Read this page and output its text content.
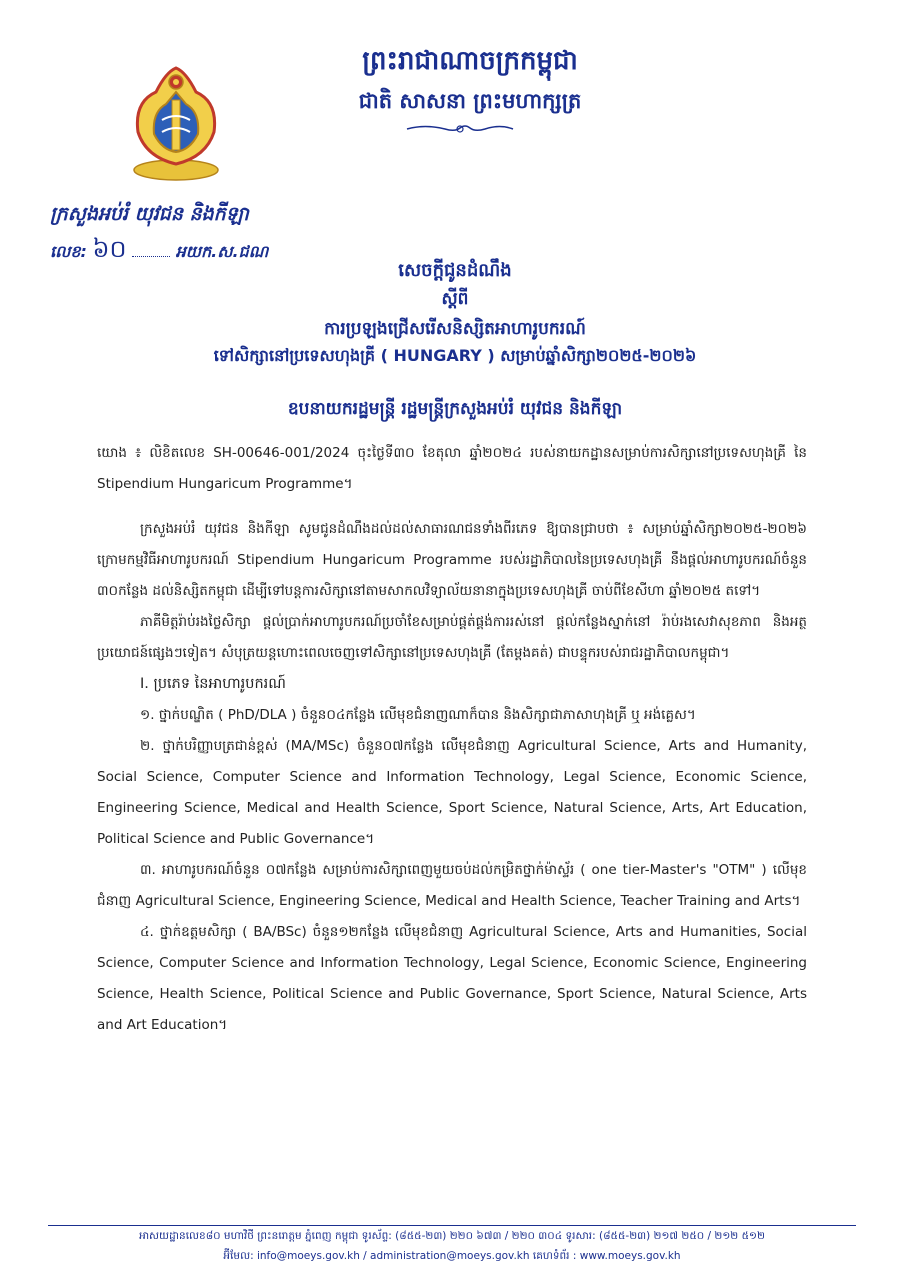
ព្រះរាជាណាចក្រកម្ពុជា
ជាតិ សាសនា ព្រះមហាក្សត្រ
ក្រសួងអប់រំ យុវជន និងកីឡា
លេខ: ៦០	អយក.ស.ជណ
សេចក្តីជូនដំណឹង
ស្តីពី
ការប្រឡងជ្រើសរើសនិស្សិតអាហារូបករណ៍
ទៅសិក្សានៅប្រទេសហុងគ្រី ( HUNGARY ) សម្រាប់ឆ្នាំសិក្សា២០២៥-២០២៦
ឧបនាយករដ្ឋមន្ត្រី រដ្ឋមន្ត្រីក្រសួងអប់រំ យុវជន និងកីឡា
យោង ៖ លិខិតលេខ SH-00646-001/2024 ចុះថ្ងៃទី៣០ ខែតុលា ឆ្នាំ២០២៤ របស់នាយកដ្ឋានសម្រាប់ការសិក្សានៅប្រទេសហុងគ្រី នៃ Stipendium Hungaricum Programme។
ក្រសួងអប់រំ យុវជន និងកីឡា សូមជូនដំណឹងដល់ដល់សាធារណជនទាំងពីរភេទ ឱ្យបានជ្រាបថា ៖ សម្រាប់ឆ្នាំសិក្សា២០២៥-២០២៦ ក្រោមកម្មវិធីអាហារូបករណ៍ Stipendium Hungaricum Programme របស់រដ្ឋាភិបាលនៃប្រទេសហុងគ្រី នឹងផ្តល់អាហារូបករណ៍ចំនួន ៣០កន្លែង ដល់និស្សិតកម្ពុជា ដើម្បីទៅបន្តការសិក្សានៅតាមសាកលវិទ្យាល័យនានាក្នុងប្រទេសហុងគ្រី ចាប់ពីខែសីហា ឆ្នាំ២០២៥ តទៅ។
ភាគីមិត្តរ៉ាប់រងថ្លៃសិក្សា ផ្តល់ប្រាក់អាហារូបករណ៍ប្រចាំខែសម្រាប់ផ្គត់ផ្គង់ការរស់នៅ ផ្តល់កន្លែងស្នាក់នៅ រ៉ាប់រងសេវាសុខភាព និងអត្ថប្រយោជន៍ផ្សេងៗទៀត។ សំបុត្រយន្តហោះពេលចេញទៅសិក្សានៅប្រទេសហុងគ្រី (តែម្តងគត់) ជាបន្ទុករបស់រាជរដ្ឋាភិបាលកម្ពុជា។
I. ប្រភេទ នៃអាហារូបករណ៍
១. ថ្នាក់បណ្ឌិត ( PhD/DLA ) ចំនួន០៤កន្លែង លើមុខជំនាញណាក៏បាន និងសិក្សាជាភាសាហុងគ្រី ឬ អង់គ្លេស។
២. ថ្នាក់បរិញ្ញាបត្រជាន់ខ្ពស់ (MA/MSc) ចំនួន០៧កន្លែង លើមុខជំនាញ Agricultural Science, Arts and Humanity, Social Science, Computer Science and Information Technology, Legal Science, Economic Science, Engineering Science, Medical and Health Science, Sport Science, Natural Science, Arts, Art Education, Political Science and Public Governance។
៣. អាហារូបករណ៍ចំនួន ០៧កន្លែង សម្រាប់ការសិក្សាពេញមួយចប់ដល់កម្រិតថ្នាក់ម៉ាស្ទ័រ ( one tier-Master's "OTM" ) លើមុខជំនាញ Agricultural Science, Engineering Science, Medical and Health Science, Teacher Training and Arts។
៤. ថ្នាក់ឧត្តមសិក្សា ( BA/BSc) ចំនួន១២កន្លែង លើមុខជំនាញ Agricultural Science, Arts and Humanities, Social Science, Computer Science and Information Technology, Legal Science, Economic Science, Engineering Science, Health Science, Political Science and Public Governance, Sport Science, Natural Science, Arts and Art Education។
អាសយដ្ឋានលេខ៨០ មហាវិថី ព្រះនរោត្តម ភ្នំពេញ កម្ពុជា ទូរស័ព្ទ: (៨៥៥-២៣) ២២០ ៦៧៣ / ២២០ ៣០៤ ទូរសារ: (៨៥៥-២៣) ២១៧ ២៥០ / ២១២ ៥១២
អ៊ីមែល: info@moeys.gov.kh / administration@moeys.gov.kh គេហទំព័រ : www.moeys.gov.kh
